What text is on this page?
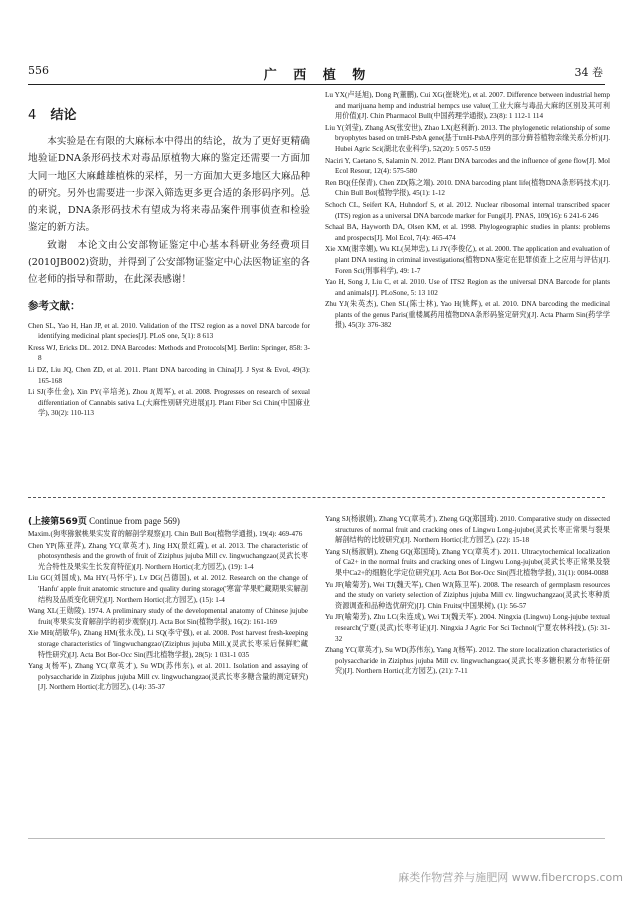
556	广 西 植 物	34 卷
4 结论

本实验是在有限的大麻标本中得出的结论，故为了更好更精确地验证DNA条形码技术对毒品原植物大麻的鉴定还需要一方面加大同一地区大麻雌雄植株的采样，另一方面加大更多地区大麻品种的研究。另外也需要进一步深入筛选更多更合适的条形码序列。总的来说，DNA条形码技术有望成为将来毒品案件刑事侦查和检验鉴定的新方法。

致谢　本论文由公安部物证鉴定中心基本科研业务经费项目(2010JB002)资助，并得到了公安部物证鉴定中心法医物证室的各位老师的指导和帮助，在此深表感谢！

参考文献：

Chen SL, Yao H, Han JP, et al. 2010. Validation of the ITS2 region as a novel DNA barcode for identifying medicinal plant species[J]. PLoS one, 5(1): 8 613

Kress WJ, Ericks DL. 2012. DNA Barcodes: Methods and Protocols[M]. Berlin: Springer, 858: 3-8

Li DZ, Liu JQ, Chen ZD, et al. 2011. Plant DNA barcoding in China[J]. J Syst & Evol, 49(3): 165-168

Li SJ(李仕金), Xin PY(辛培尧), Zhou J(周军), et al. 2008. Progresses on research of sexual differentiation of Cannabis sativa L.(大麻性别研究进展)[J]. Plant Fiber Sci Chin(中国麻业学), 30(2): 110-113

Lu YX(卢延旭), Dong P(董鹏), Cui XG(崔晓光), et al. 2007. Difference between industrial hemp and marijuana hemp and industrial hempcs use value(工业大麻与毒品大麻的区别及其可利用价值)[J]. Chin Pharmacol Bull(中国药理学通报), 23(8): 1 112-1 114

Liu Y(刘莹), Zhang AS(张安世), Zhao LX(赵利新). 2013. The phylogenetic relationship of some bryophytes based on trnH-PsbA gene(基于trnH-PsbA序列的部分藓苔植物亲缘关系分析)[J]. Hubei Agric Sci(湖北农业科学), 52(20): 5 057-5 059

Naciri Y, Caetano S, Salamin N. 2012. Plant DNA barcodes and the influence of gene flow[J]. Mol Ecol Resour, 12(4): 575-580

Ren BQ(任保青), Chen ZD(陈之端). 2010. DNA barcoding plant life(植物DNA条形码技术)[J]. Chin Bull Bot(植物学报), 45(1): 1-12

Schoch CL, Seifert KA, Huhndorf S, et al. 2012. Nuclear ribosomal internal transcribed spacer (ITS) region as a universal DNA barcode marker for Fungi[J]. PNAS, 109(16): 6 241-6 246

Schaal BA, Hayworth DA, Olsen KM, et al. 1998. Phylogeographic studies in plants: problems and prospects[J]. Mol Ecol, 7(4): 465-474

Xie XM(谢幸媚), Wu KL(吴坤忠), Li JY(李俊亿), et al. 2000. The application and evaluation of plant DNA testing in criminal investigations(植物DNA鉴定在犯罪侦查上之应用与评估)[J]. Foren Sci(刑事科学), 49: 1-7

Yao H, Song J, Liu C, et al. 2010. Use of ITS2 Region as the universal DNA Barcode for plants and animals[J]. PLoSone, 5: 13 102

Zhu YJ(朱英杰), Chen SL(陈士林), Yao H(姚辉), et al. 2010. DNA barcoding the medicinal plants of the genus Paris(重楼属药用植物DNA条形码鉴定研究)[J]. Acta Pharm Sin(药学学报), 45(3): 376-382

(上接第569页 Continue from page 569)

Maxim.(狗枣猕猴桃果实发育的解剖学观察)[J]. Chin Bull Bot(植物学通报), 19(4): 469-476

Chen YP(陈亚萍), Zhang YC(章英才), Jing HX(景红霞), et al. 2013. The characteristic of photosynthesis and the growth of fruit of Ziziphus jujuba Mill cv. lingwuchangzao(灵武长枣光合特性及果实生长发育特征)[J]. Northern Hortic(北方园艺), (19): 1-4

Liu GC(刘国成), Ma HY(马怀宇), Lv DG(吕德国), et al. 2012. Research on the change of 'Hanfu' apple fruit anatomic structure and quality during storage('寒富'苹果贮藏期果实解剖结构及品质变化研究)[J]. Northern Hortic(北方园艺), (15): 1-4

Wang XL(王勋陵). 1974. A preliminary study of the developmental anatomy of Chinese jujube fruit(枣果实发育解剖学的初步观察)[J]. Acta Bot Sin(植物学报), 16(2): 161-169

Xie MH(胡敏华), Zhang HM(张永茂), Li SQ(李守强), et al. 2008. Post harvest fresh-keeping storage characteristics of 'lingwuchangzao'(Ziziphus jujuba Mill.)(灵武长枣采后保鲜贮藏特性研究)[J]. Acta Bot Bor-Occ Sin(西北植物学报), 28(5): 1 031-1 035

Yang J(杨军), Zhang YC(章英才), Su WD(苏伟东), et al. 2011. Isolation and assaying of polysaccharide in Ziziphus jujuba Mill cv. lingwuchangzao(灵武长枣多糖含量的测定研究)[J]. Northern Hortic(北方园艺), (14): 35-37

Yang SJ(杨淑娟), Zhang YC(章英才), Zheng GQ(郑国琦). 2010. Comparative study on dissected structures of normal fruit and cracking ones of Lingwu Long-jujube(灵武长枣正常果与裂果解剖结构的比较研究)[J]. Northern Hortic(北方园艺), (22): 15-18

Yang SJ(杨淑娟), Zheng GQ(郑国琦), Zhang YC(章英才). 2011. Ultracytochemical localization of Ca2+ in the normal fruits and cracking ones of Lingwu Long-jujube(灵武长枣正常果及裂果中Ca2+的细胞化学定位研究)[J]. Acta Bot Bor-Occ Sin(西北植物学报), 31(1): 0084-0088

Yu JF(喻菊芳), Wei TJ(魏天军), Chen WJ(陈卫军). 2008. The research of germplasm resources and the study on variety selection of Ziziphus jujuba Mill cv. lingwuchangzao(灵武长枣种质资源调查和品种选优研究)[J]. Chin Fruits(中国果树), (1): 56-57

Yu JF(喻菊芳), Zhu LC(朱连成), Wei TJ(魏天军). 2004. Ningxia (Lingwu) Long-jujube textual research(宁夏(灵武)长枣考证)[J]. Ningxia J Agric For Sci Technol(宁夏农林科技), (5): 31-32

Zhang YC(章英才), Su WD(苏伟东), Yang J(杨军). 2012. The store localization characteristics of polysaccharide in Ziziphus jujuba Mill cv. lingwuchangzao(灵武长枣多糖积累分布特征研究)[J]. Northern Hortic(北方园艺), (21): 7-11

麻类作物营养与施肥网 www.fibercrops.com
